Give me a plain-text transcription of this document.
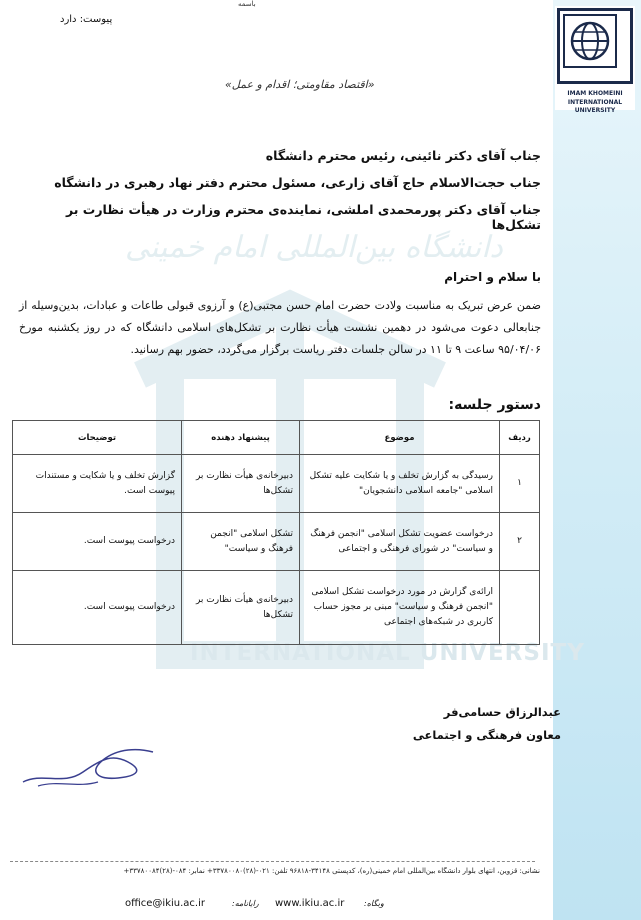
IMAM KHOMEINI
INTERNATIONAL UNIVERSITY
دانشگاه بین‌المللی امام خمینی
INTERNATIONAL UNIVERSITY
باسمه
پیوست: دارد
«اقتصاد مقاومتی؛ اقدام و عمل»
جناب آقای دکتر نائینی، رئیس محترم دانشگاه
جناب حجت‌الاسلام حاج آقای زارعی، مسئول محترم دفتر نهاد رهبری در دانشگاه
جناب آقای دکتر پورمحمدی املشی، نماینده‌ی محترم وزارت در هیأت نظارت بر تشکل‌ها
با سلام و احترام
ضمن عرض تبریک به مناسبت ولادت حضرت امام حسن مجتبی(ع) و آرزوی قبولی طاعات و عبادات، بدین‌وسیله از جنابعالی دعوت می‌شود در دهمین نشست هیأت نظارت بر تشکل‌های اسلامی دانشگاه که در روز یکشنبه مورخ ۹۵/۰۴/۰۶ ساعت ۹ تا ۱۱ در سالن جلسات دفتر ریاست برگزار می‌گردد، حضور بهم رسانید.
دستور جلسه:
ردیف	موضوع	پیشنهاد دهنده	توضیحات
۱	رسیدگی به گزارش تخلف و یا شکایت علیه تشکل اسلامی "جامعه اسلامی دانشجویان"	دبیرخانه‌ی هیأت نظارت بر تشکل‌ها	گزارش تخلف و یا شکایت و مستندات پیوست است.
۲	درخواست عضویت تشکل اسلامی "انجمن فرهنگ و سیاست" در شورای فرهنگی و اجتماعی	تشکل اسلامی "انجمن فرهنگ و سیاست"	درخواست پیوست است.
	ارائه‌ی گزارش در مورد درخواست تشکل اسلامی "انجمن فرهنگ و سیاست" مبنی بر مجوز حساب کاربری در شبکه‌های اجتماعی	دبیرخانه‌ی هیأت نظارت بر تشکل‌ها	درخواست پیوست است.
عبدالرزاق حسامی‌فر
معاون فرهنگی و اجتماعی
نشانی: قزوین، انتهای بلوار دانشگاه بین‌المللی امام خمینی(ره)، کدپستی ۳۴۱۴۸-۹۶۸۱۸ تلفن: ۰۲۱-(۲۸)۳۳۷۸۰۰۸۰+ نمابر: ۰۸۴-(۲۸)۳۳۷۸۰۰۸۴+
وبگاه:
www.ikiu.ac.ir
رایانامه:
office@ikiu.ac.ir
